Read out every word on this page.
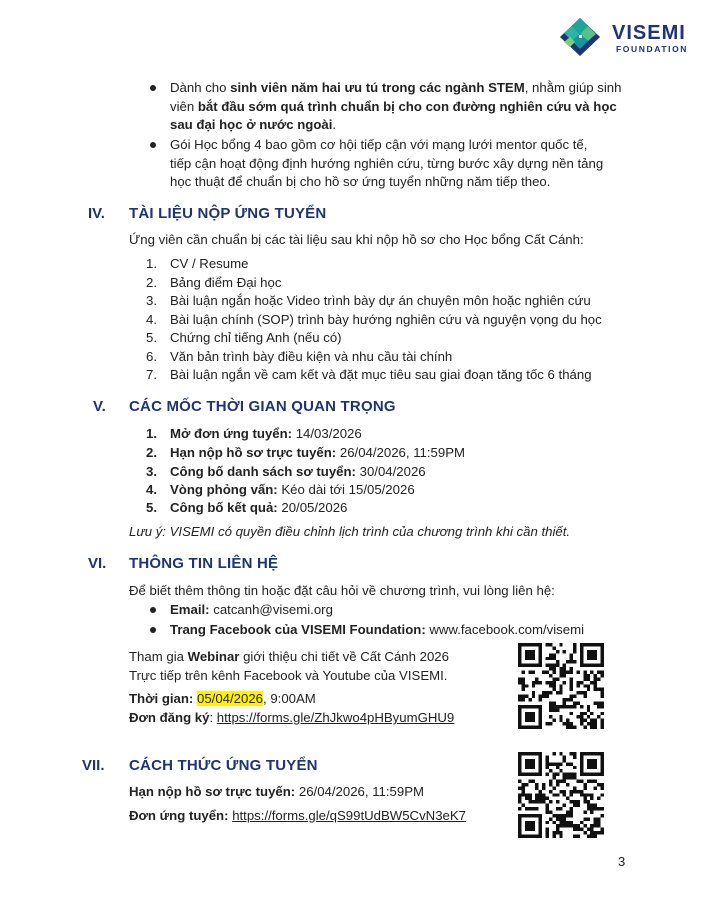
VISEMI
FOUNDATION
Dành cho sinh viên năm hai ưu tú trong các ngành STEM, nhằm giúp sinh
viên bắt đầu sớm quá trình chuẩn bị cho con đường nghiên cứu và học
sau đại học ở nước ngoài.
Gói Học bổng 4 bao gồm cơ hội tiếp cận với mạng lưới mentor quốc tế,
tiếp cận hoạt động định hướng nghiên cứu, từng bước xây dựng nền tảng
học thuật để chuẩn bị cho hồ sơ ứng tuyển những năm tiếp theo.
IV. TÀI LIỆU NỘP ỨNG TUYỂN
Ứng viên cần chuẩn bị các tài liệu sau khi nộp hồ sơ cho Học bổng Cất Cánh:
1. CV / Resume
2. Bảng điểm Đại học
3. Bài luận ngắn hoặc Video trình bày dự án chuyên môn hoặc nghiên cứu
4. Bài luận chính (SOP) trình bày hướng nghiên cứu và nguyện vọng du học
5. Chứng chỉ tiếng Anh (nếu có)
6. Văn bản trình bày điều kiện và nhu cầu tài chính
7. Bài luận ngắn về cam kết và đặt mục tiêu sau giai đoạn tăng tốc 6 tháng
V. CÁC MỐC THỜI GIAN QUAN TRỌNG
1. Mở đơn ứng tuyển: 14/03/2026
2. Hạn nộp hồ sơ trực tuyến: 26/04/2026, 11:59PM
3. Công bố danh sách sơ tuyển: 30/04/2026
4. Vòng phỏng vấn: Kéo dài tới 15/05/2026
5. Công bố kết quả: 20/05/2026
Lưu ý: VISEMI có quyền điều chỉnh lịch trình của chương trình khi cần thiết.
VI. THÔNG TIN LIÊN HỆ
Để biết thêm thông tin hoặc đặt câu hỏi về chương trình, vui lòng liên hệ:
Email: catcanh@visemi.org
Trang Facebook của VISEMI Foundation: www.facebook.com/visemi
Tham gia Webinar giới thiệu chi tiết về Cất Cánh 2026
Trực tiếp trên kênh Facebook và Youtube của VISEMI.
Thời gian: 05/04/2026, 9:00AM
Đơn đăng ký: https://forms.gle/ZhJkwo4pHByumGHU9
VII. CÁCH THỨC ỨNG TUYỂN
Hạn nộp hồ sơ trực tuyến: 26/04/2026, 11:59PM
Đơn ứng tuyển: https://forms.gle/qS99tUdBW5CvN3eK7
3
